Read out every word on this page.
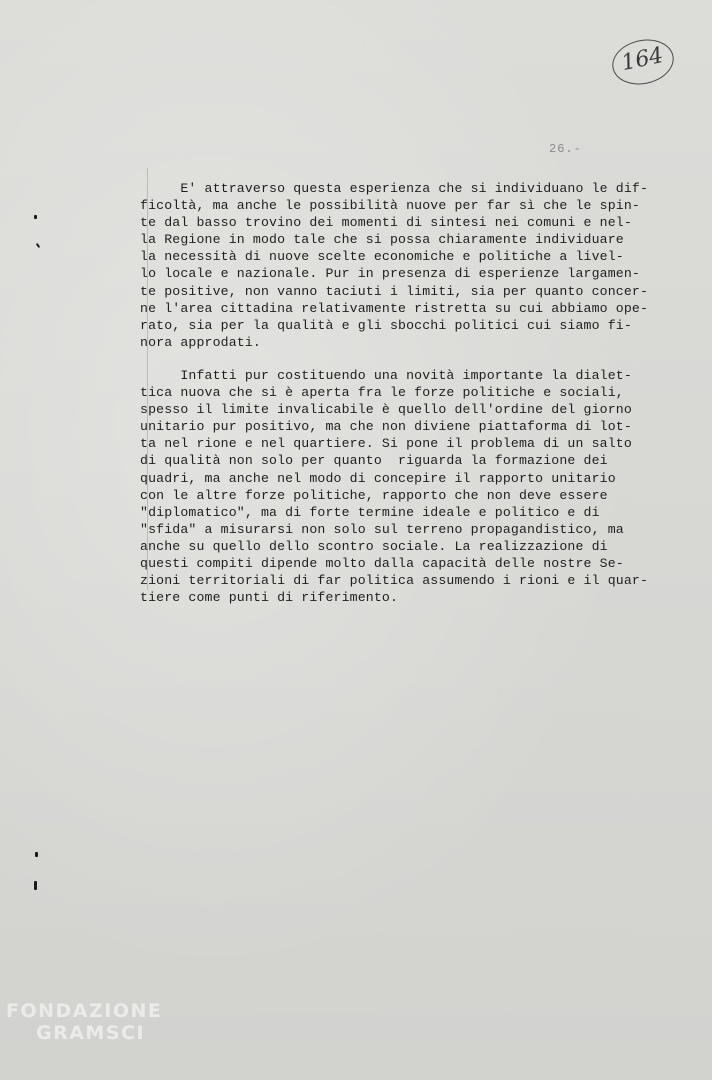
164
26.-
E' attraverso questa esperienza che si individuano le dif-
ficoltà, ma anche le possibilità nuove per far sì che le spin-
te dal basso trovino dei momenti di sintesi nei comuni e nel-
la Regione in modo tale che si possa chiaramente individuare
la necessità di nuove scelte economiche e politiche a livel-
lo locale e nazionale. Pur in presenza di esperienze largamen-
te positive, non vanno taciuti i limiti, sia per quanto concer-
ne l'area cittadina relativamente ristretta su cui abbiamo ope-
rato, sia per la qualità e gli sbocchi politici cui siamo fi-
nora approdati.
Infatti pur costituendo una novità importante la dialet-
tica nuova che si è aperta fra le forze politiche e sociali,
spesso il limite invalicabile è quello dell'ordine del giorno
unitario pur positivo, ma che non diviene piattaforma di lot-
ta nel rione e nel quartiere. Si pone il problema di un salto
di qualità non solo per quanto  riguarda la formazione dei
quadri, ma anche nel modo di concepire il rapporto unitario
con le altre forze politiche, rapporto che non deve essere
"diplomatico", ma di forte termine ideale e politico e di
"sfida" a misurarsi non solo sul terreno propagandistico, ma
anche su quello dello scontro sociale. La realizzazione di
questi compiti dipende molto dalla capacità delle nostre Se-
zioni territoriali di far politica assumendo i rioni e il quar-
tiere come punti di riferimento.
FONDAZIONE
GRAMSCI
